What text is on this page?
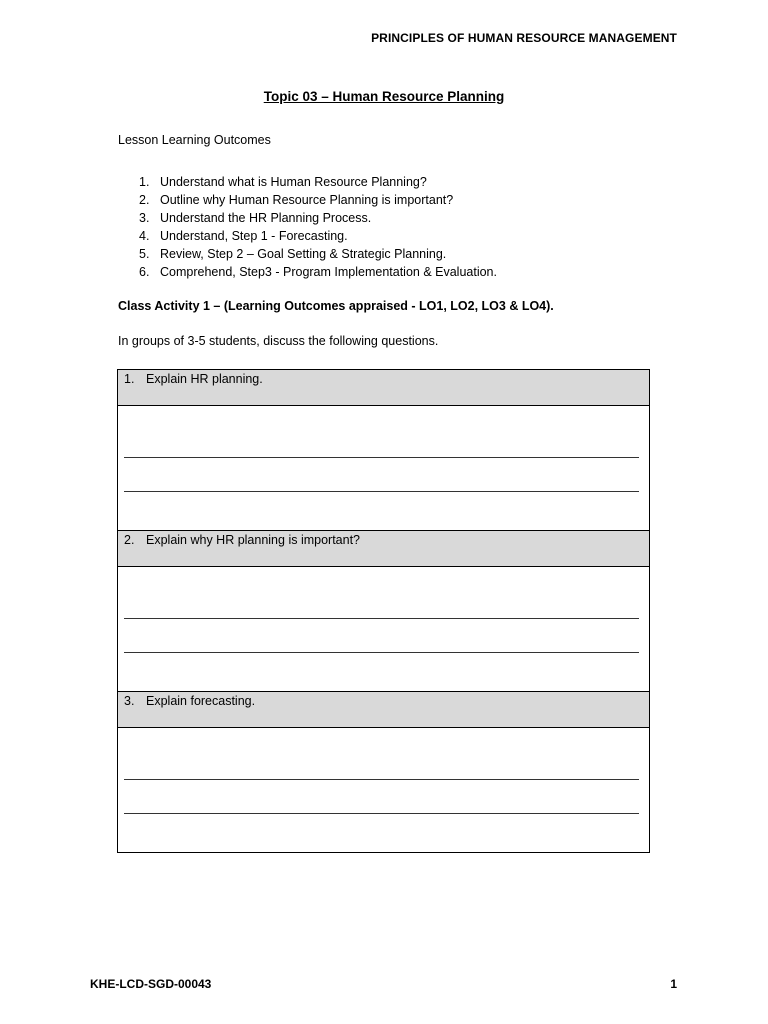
PRINCIPLES OF HUMAN RESOURCE MANAGEMENT
Topic 03 – Human Resource Planning
Lesson Learning Outcomes
1. Understand what is Human Resource Planning?
2. Outline why Human Resource Planning is important?
3. Understand the HR Planning Process.
4. Understand, Step 1 - Forecasting.
5. Review, Step 2 – Goal Setting & Strategic Planning.
6. Comprehend, Step3 - Program Implementation & Evaluation.
Class Activity 1 – (Learning Outcomes appraised - LO1, LO2, LO3 & LO4).
In groups of 3-5 students, discuss the following questions.
1. Explain HR planning.
2. Explain why HR planning is important?
3. Explain forecasting.
KHE-LCD-SGD-00043	1
